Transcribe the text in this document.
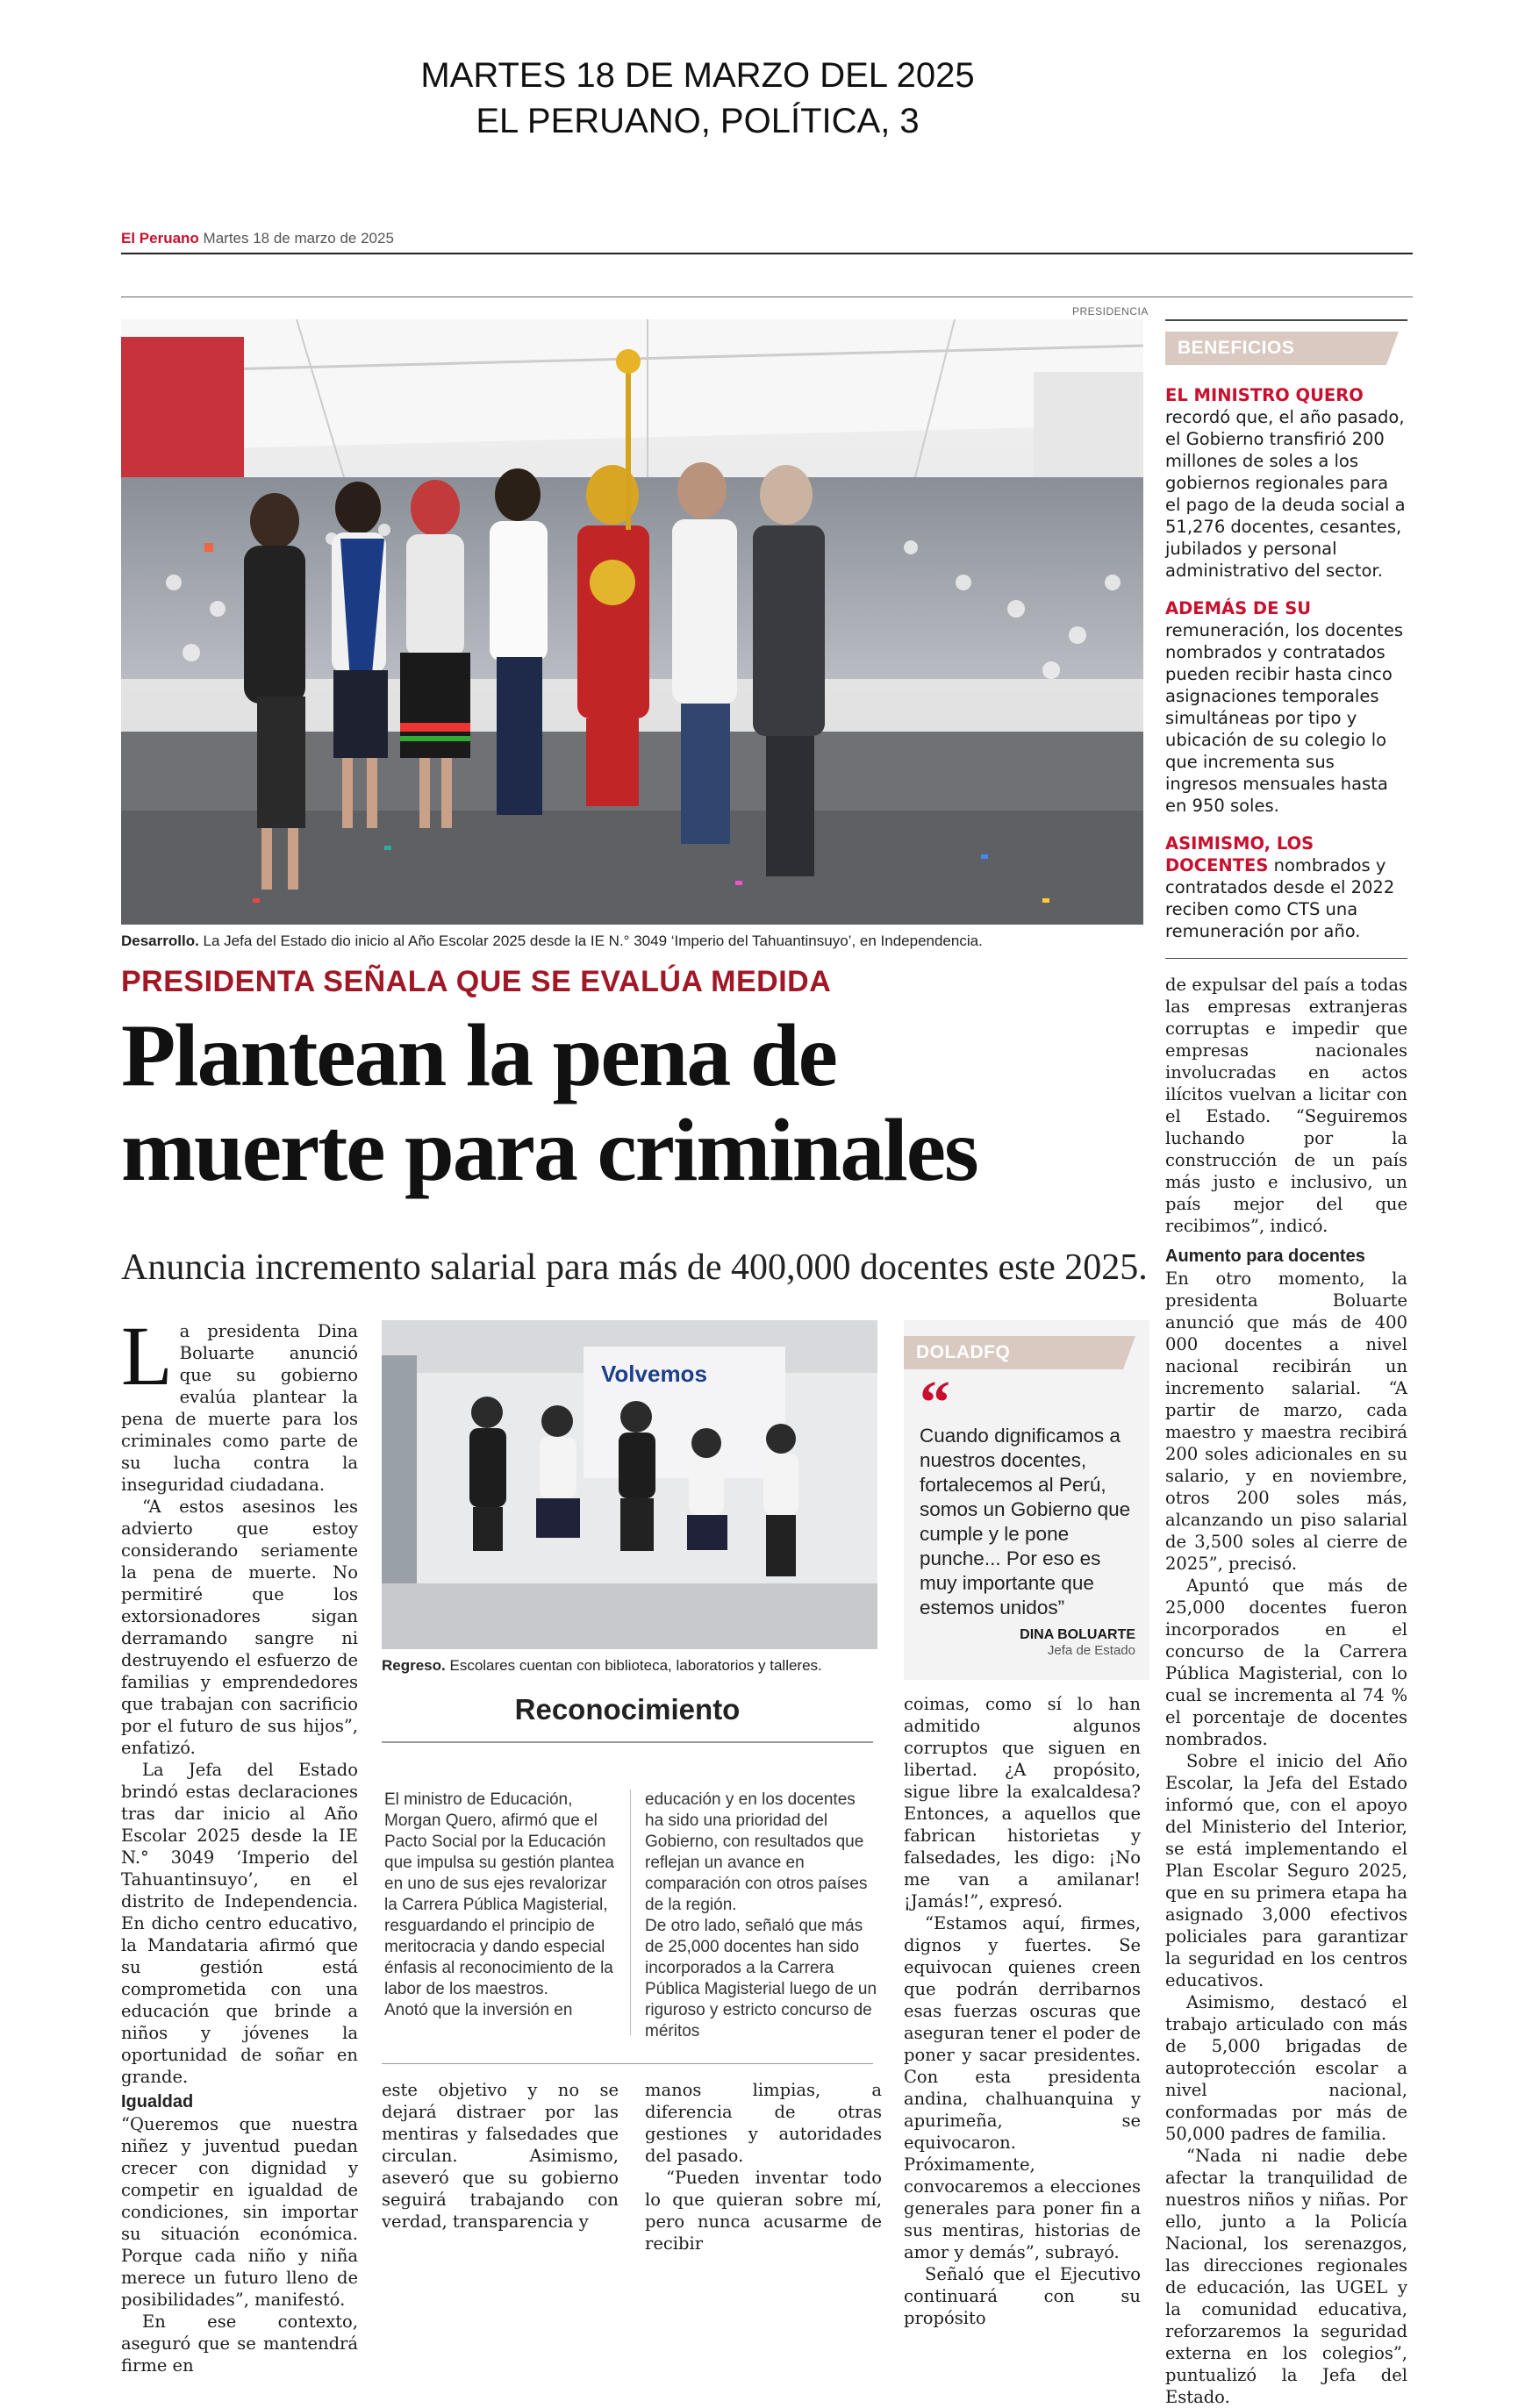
MARTES 18 DE MARZO DEL 2025
EL PERUANO, POLÍTICA, 3
El Peruano Martes 18 de marzo de 2025
PRESIDENCIA
Desarrollo. La Jefa del Estado dio inicio al Año Escolar 2025 desde la IE N.° 3049 ‘Imperio del Tahuantinsuyo’, en Independencia.
PRESIDENTA SEÑALA QUE SE EVALÚA MEDIDA
Plantean la pena de
muerte para criminales
Anuncia incremento salarial para más de 400,000 docentes este 2025.
L a presidenta Dina Boluarte anunció que su gobierno evalúa plantear la pena de muerte para los criminales como parte de su lucha contra la inseguridad ciudadana.

“A estos asesinos les advierto que estoy considerando seriamente la pena de muerte. No permitiré que los extorsionadores sigan derramando sangre ni destruyendo el esfuerzo de familias y emprendedores que trabajan con sacrificio por el futuro de sus hijos”, enfatizó.

La Jefa del Estado brindó estas declaraciones tras dar inicio al Año Escolar 2025 desde la IE N.° 3049 ‘Imperio del Tahuantinsuyo’, en el distrito de Independencia. En dicho centro educativo, la Mandataria afirmó que su gestión está comprometida con una educación que brinde a niños y jóvenes la oportunidad de soñar en grande.

Igualdad

“Queremos que nuestra niñez y juventud puedan crecer con dignidad y competir en igualdad de condiciones, sin importar su situación económica. Porque cada niño y niña merece un futuro lleno de posibilidades”, manifestó.

En ese contexto, aseguró que se mantendrá firme en

Volvemos
Regreso. Escolares cuentan con biblioteca, laboratorios y talleres.
DOLADFQ
“
Cuando dignificamos a nuestros docentes, fortalecemos al Perú, somos un Gobierno que cumple y le pone punche... Por eso es muy importante que estemos unidos”
DINA BOLUARTE
Jefa de Estado
Reconocimiento
El ministro de Educación, Morgan Quero, afirmó que el Pacto Social por la Educación que impulsa su gestión plantea en uno de sus ejes revalorizar la Carrera Pública Magisterial, resguardando el principio de meritocracia y dando especial énfasis al reconocimiento de la labor de los maestros.
Anotó que la inversión en
educación y en los docentes ha sido una prioridad del Gobierno, con resultados que reflejan un avance en comparación con otros países de la región.
De otro lado, señaló que más de 25,000 docentes han sido incorporados a la Carrera Pública Magisterial luego de un riguroso y estricto concurso de méritos

este objetivo y no se dejará distraer por las mentiras y falsedades que circulan. Asimismo, aseveró que su gobierno seguirá trabajando con verdad, transparencia y

manos limpias, a diferencia de otras gestiones y autoridades del pasado.

“Pueden inventar todo lo que quieran sobre mí, pero nunca acusarme de recibir

coimas, como sí lo han admitido algunos corruptos que siguen en libertad. ¿A propósito, sigue libre la exalcaldesa? Entonces, a aquellos que fabrican historietas y falsedades, les digo: ¡No me van a amilanar! ¡Jamás!”, expresó.

“Estamos aquí, firmes, dignos y fuertes. Se equivocan quienes creen que podrán derribarnos esas fuerzas oscuras que aseguran tener el poder de poner y sacar presidentes. Con esta presidenta andina, chalhuanquina y apurimeña, se equivocaron. Próximamente, convocaremos a elecciones generales para poner fin a sus mentiras, historias de amor y demás”, subrayó.

Señaló que el Ejecutivo continuará con su propósito

BENEFICIOS

EL MINISTRO QUERO recordó que, el año pasado, el Gobierno transfirió 200 millones de soles a los gobiernos regionales para el pago de la deuda social a 51,276 docentes, cesantes, jubilados y personal administrativo del sector.

ADEMÁS DE SU remuneración, los docentes nombrados y contratados pueden recibir hasta cinco asignaciones temporales simultáneas por tipo y ubicación de su colegio lo que incrementa sus ingresos mensuales hasta en 950 soles.

ASIMISMO, LOS DOCENTES nombrados y contratados desde el 2022 reciben como CTS una remuneración por año.

de expulsar del país a todas las empresas extranjeras corruptas e impedir que empresas nacionales involucradas en actos ilícitos vuelvan a licitar con el Estado. “Seguiremos luchando por la construcción de un país más justo e inclusivo, un país mejor del que recibimos”, indicó.

Aumento para docentes

En otro momento, la presidenta Boluarte anunció que más de 400 000 docentes a nivel nacional recibirán un incremento salarial. “A partir de marzo, cada maestro y maestra recibirá 200 soles adicionales en su salario, y en noviembre, otros 200 soles más, alcanzando un piso salarial de 3,500 soles al cierre de 2025”, precisó.

Apuntó que más de 25,000 docentes fueron incorporados en el concurso de la Carrera Pública Magisterial, con lo cual se incrementa al 74 % el porcentaje de docentes nombrados.

Sobre el inicio del Año Escolar, la Jefa del Estado informó que, con el apoyo del Ministerio del Interior, se está implementando el Plan Escolar Seguro 2025, que en su primera etapa ha asignado 3,000 efectivos policiales para garantizar la seguridad en los centros educativos.

Asimismo, destacó el trabajo articulado con más de 5,000 brigadas de autoprotección escolar a nivel nacional, conformadas por más de 50,000 padres de familia.

“Nada ni nadie debe afectar la tranquilidad de nuestros niños y niñas. Por ello, junto a la Policía Nacional, los serenazgos, las direcciones regionales de educación, las UGEL y la comunidad educativa, reforzaremos la seguridad externa en los colegios”, puntualizó la Jefa del Estado.
